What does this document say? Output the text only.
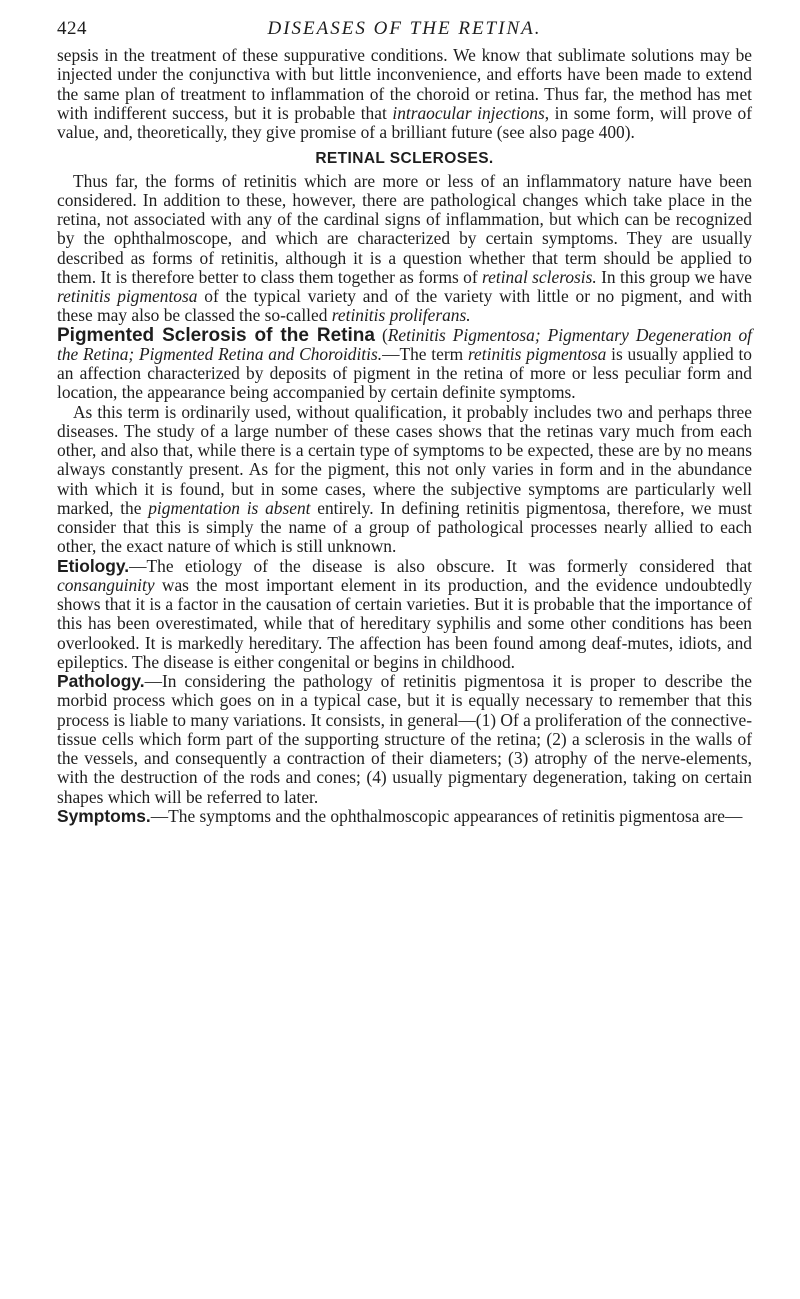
424	DISEASES OF THE RETINA.

sepsis in the treatment of these suppurative conditions. We know that sublimate solutions may be injected under the conjunctiva with but little inconvenience, and efforts have been made to extend the same plan of treatment to inflammation of the choroid or retina. Thus far, the method has met with indifferent success, but it is probable that intraocular injections, in some form, will prove of value, and, theoretically, they give promise of a brilliant future (see also page 400).

RETINAL SCLEROSES.

Thus far, the forms of retinitis which are more or less of an inflammatory nature have been considered. In addition to these, however, there are pathological changes which take place in the retina, not associated with any of the cardinal signs of inflammation, but which can be recognized by the ophthalmoscope, and which are characterized by certain symptoms. They are usually described as forms of retinitis, although it is a question whether that term should be applied to them. It is therefore better to class them together as forms of retinal sclerosis. In this group we have retinitis pigmentosa of the typical variety and of the variety with little or no pigment, and with these may also be classed the so-called retinitis proliferans.

Pigmented Sclerosis of the Retina (Retinitis Pigmentosa; Pigmentary Degeneration of the Retina; Pigmented Retina and Choroiditis.—The term retinitis pigmentosa is usually applied to an affection characterized by deposits of pigment in the retina of more or less peculiar form and location, the appearance being accompanied by certain definite symptoms.

As this term is ordinarily used, without qualification, it probably includes two and perhaps three diseases. The study of a large number of these cases shows that the retinas vary much from each other, and also that, while there is a certain type of symptoms to be expected, these are by no means always constantly present. As for the pigment, this not only varies in form and in the abundance with which it is found, but in some cases, where the subjective symptoms are particularly well marked, the pigmentation is absent entirely. In defining retinitis pigmentosa, therefore, we must consider that this is simply the name of a group of pathological processes nearly allied to each other, the exact nature of which is still unknown.

Etiology.—The etiology of the disease is also obscure. It was formerly considered that consanguinity was the most important element in its production, and the evidence undoubtedly shows that it is a factor in the causation of certain varieties. But it is probable that the importance of this has been overestimated, while that of hereditary syphilis and some other conditions has been overlooked. It is markedly hereditary. The affection has been found among deaf-mutes, idiots, and epileptics. The disease is either congenital or begins in childhood.

Pathology.—In considering the pathology of retinitis pigmentosa it is proper to describe the morbid process which goes on in a typical case, but it is equally necessary to remember that this process is liable to many variations. It consists, in general—(1) Of a proliferation of the connective-tissue cells which form part of the supporting structure of the retina; (2) a sclerosis in the walls of the vessels, and consequently a contraction of their diameters; (3) atrophy of the nerve-elements, with the destruction of the rods and cones; (4) usually pigmentary degeneration, taking on certain shapes which will be referred to later.

Symptoms.—The symptoms and the ophthalmoscopic appearances of retinitis pigmentosa are—
